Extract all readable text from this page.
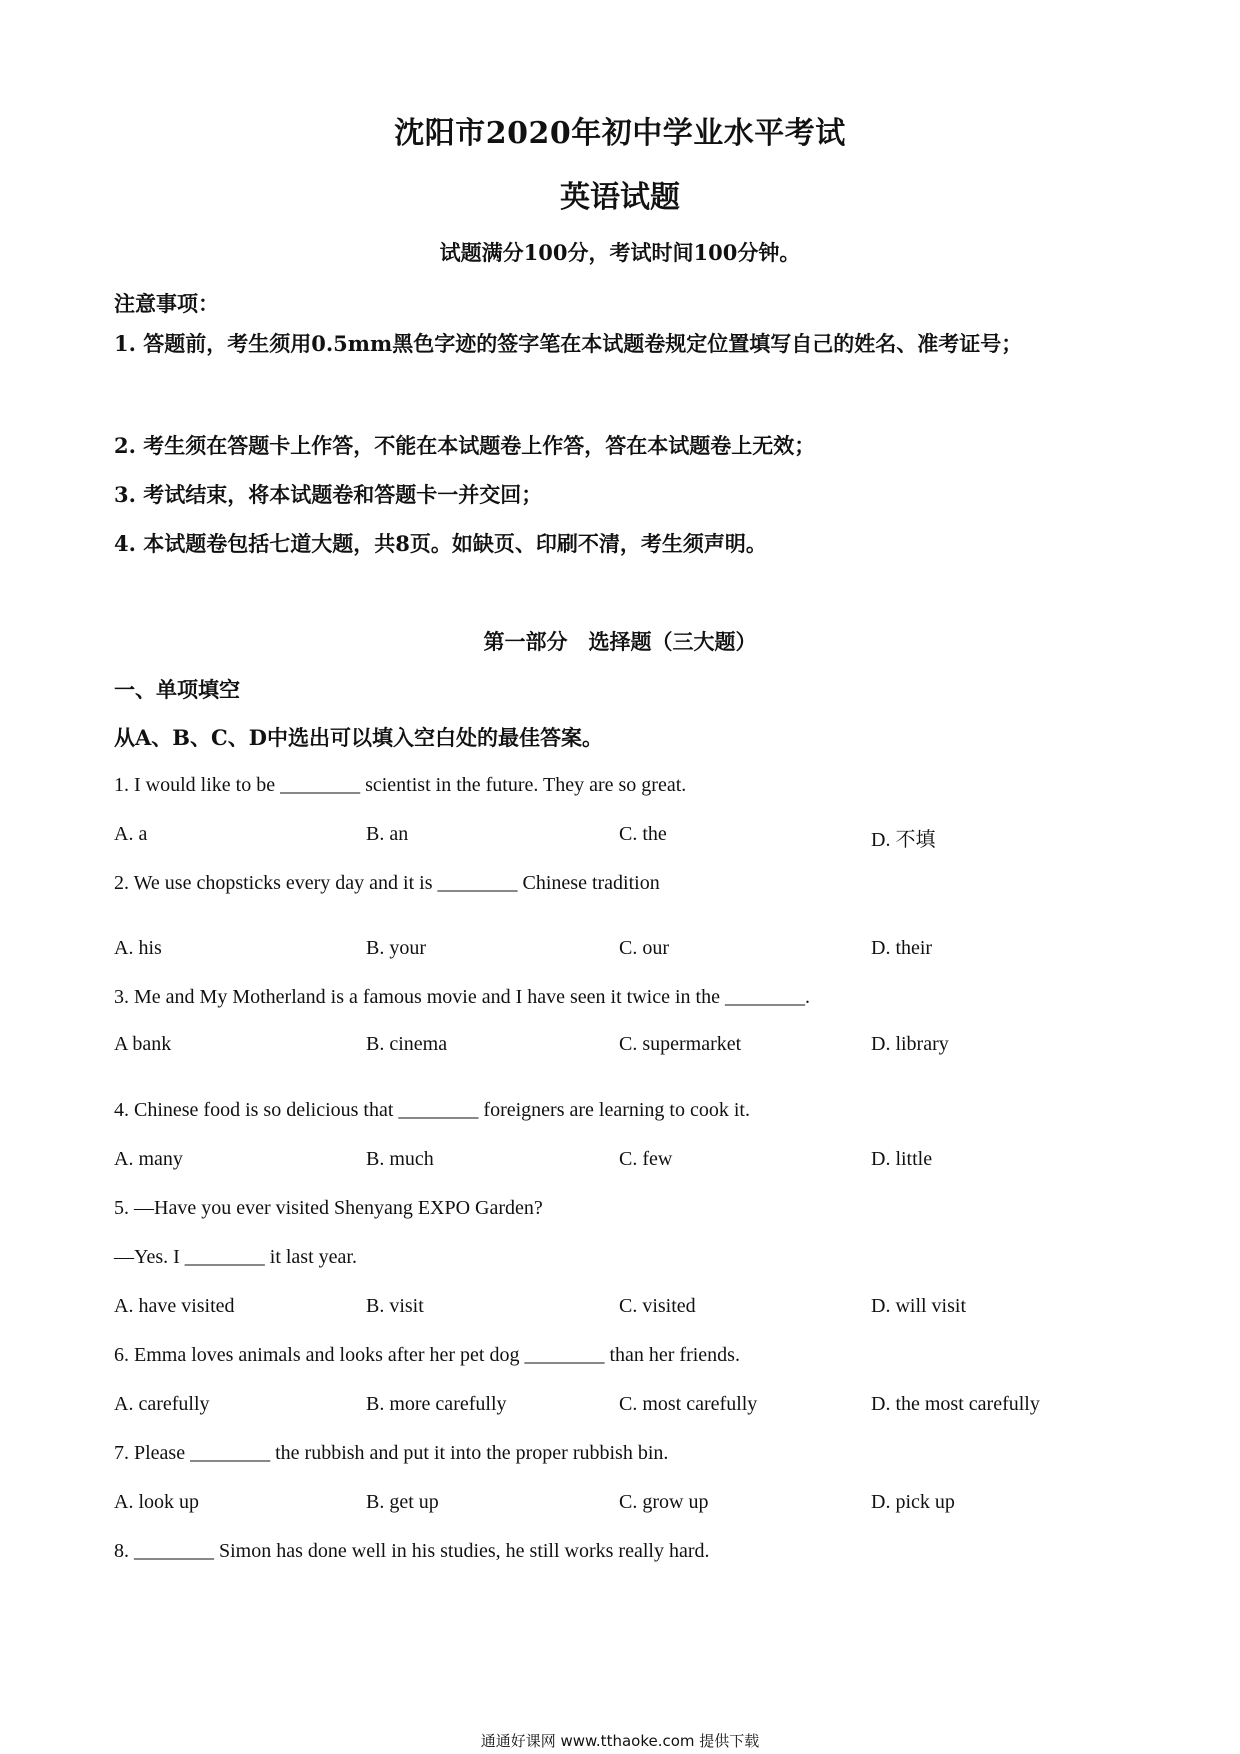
沈阳市2020年初中学业水平考试
英语试题
试题满分100分，考试时间100分钟。
注意事项：
1. 答题前，考生须用0.5mm黑色字迹的签字笔在本试题卷规定位置填写自己的姓名、准考证号；
2. 考生须在答题卡上作答，不能在本试题卷上作答，答在本试题卷上无效；
3. 考试结束，将本试题卷和答题卡一并交回；
4. 本试题卷包括七道大题，共8页。如缺页、印刷不清，考生须声明。
第一部分　选择题（三大题）
一、单项填空
从A、B、C、D中选出可以填入空白处的最佳答案。
1. I would like to be ________ scientist in the future. They are so great.
A. a	B. an	C. the	D. 不填
2. We use chopsticks every day and it is ________ Chinese tradition
A. his	B. your	C. our	D. their
3. Me and My Motherland is a famous movie and I have seen it twice in the ________.
A bank	B. cinema	C. supermarket	D. library
4. Chinese food is so delicious that ________ foreigners are learning to cook it.
A. many	B. much	C. few	D. little
5. —Have you ever visited Shenyang EXPO Garden?
—Yes. I ________ it last year.
A. have visited	B. visit	C. visited	D. will visit
6. Emma loves animals and looks after her pet dog ________ than her friends.
A. carefully	B. more carefully	C. most carefully	D. the most carefully
7. Please ________ the rubbish and put it into the proper rubbish bin.
A. look up	B. get up	C. grow up	D. pick up
8. ________ Simon has done well in his studies, he still works really hard.
通通好课网 www.tthaoke.com 提供下载
